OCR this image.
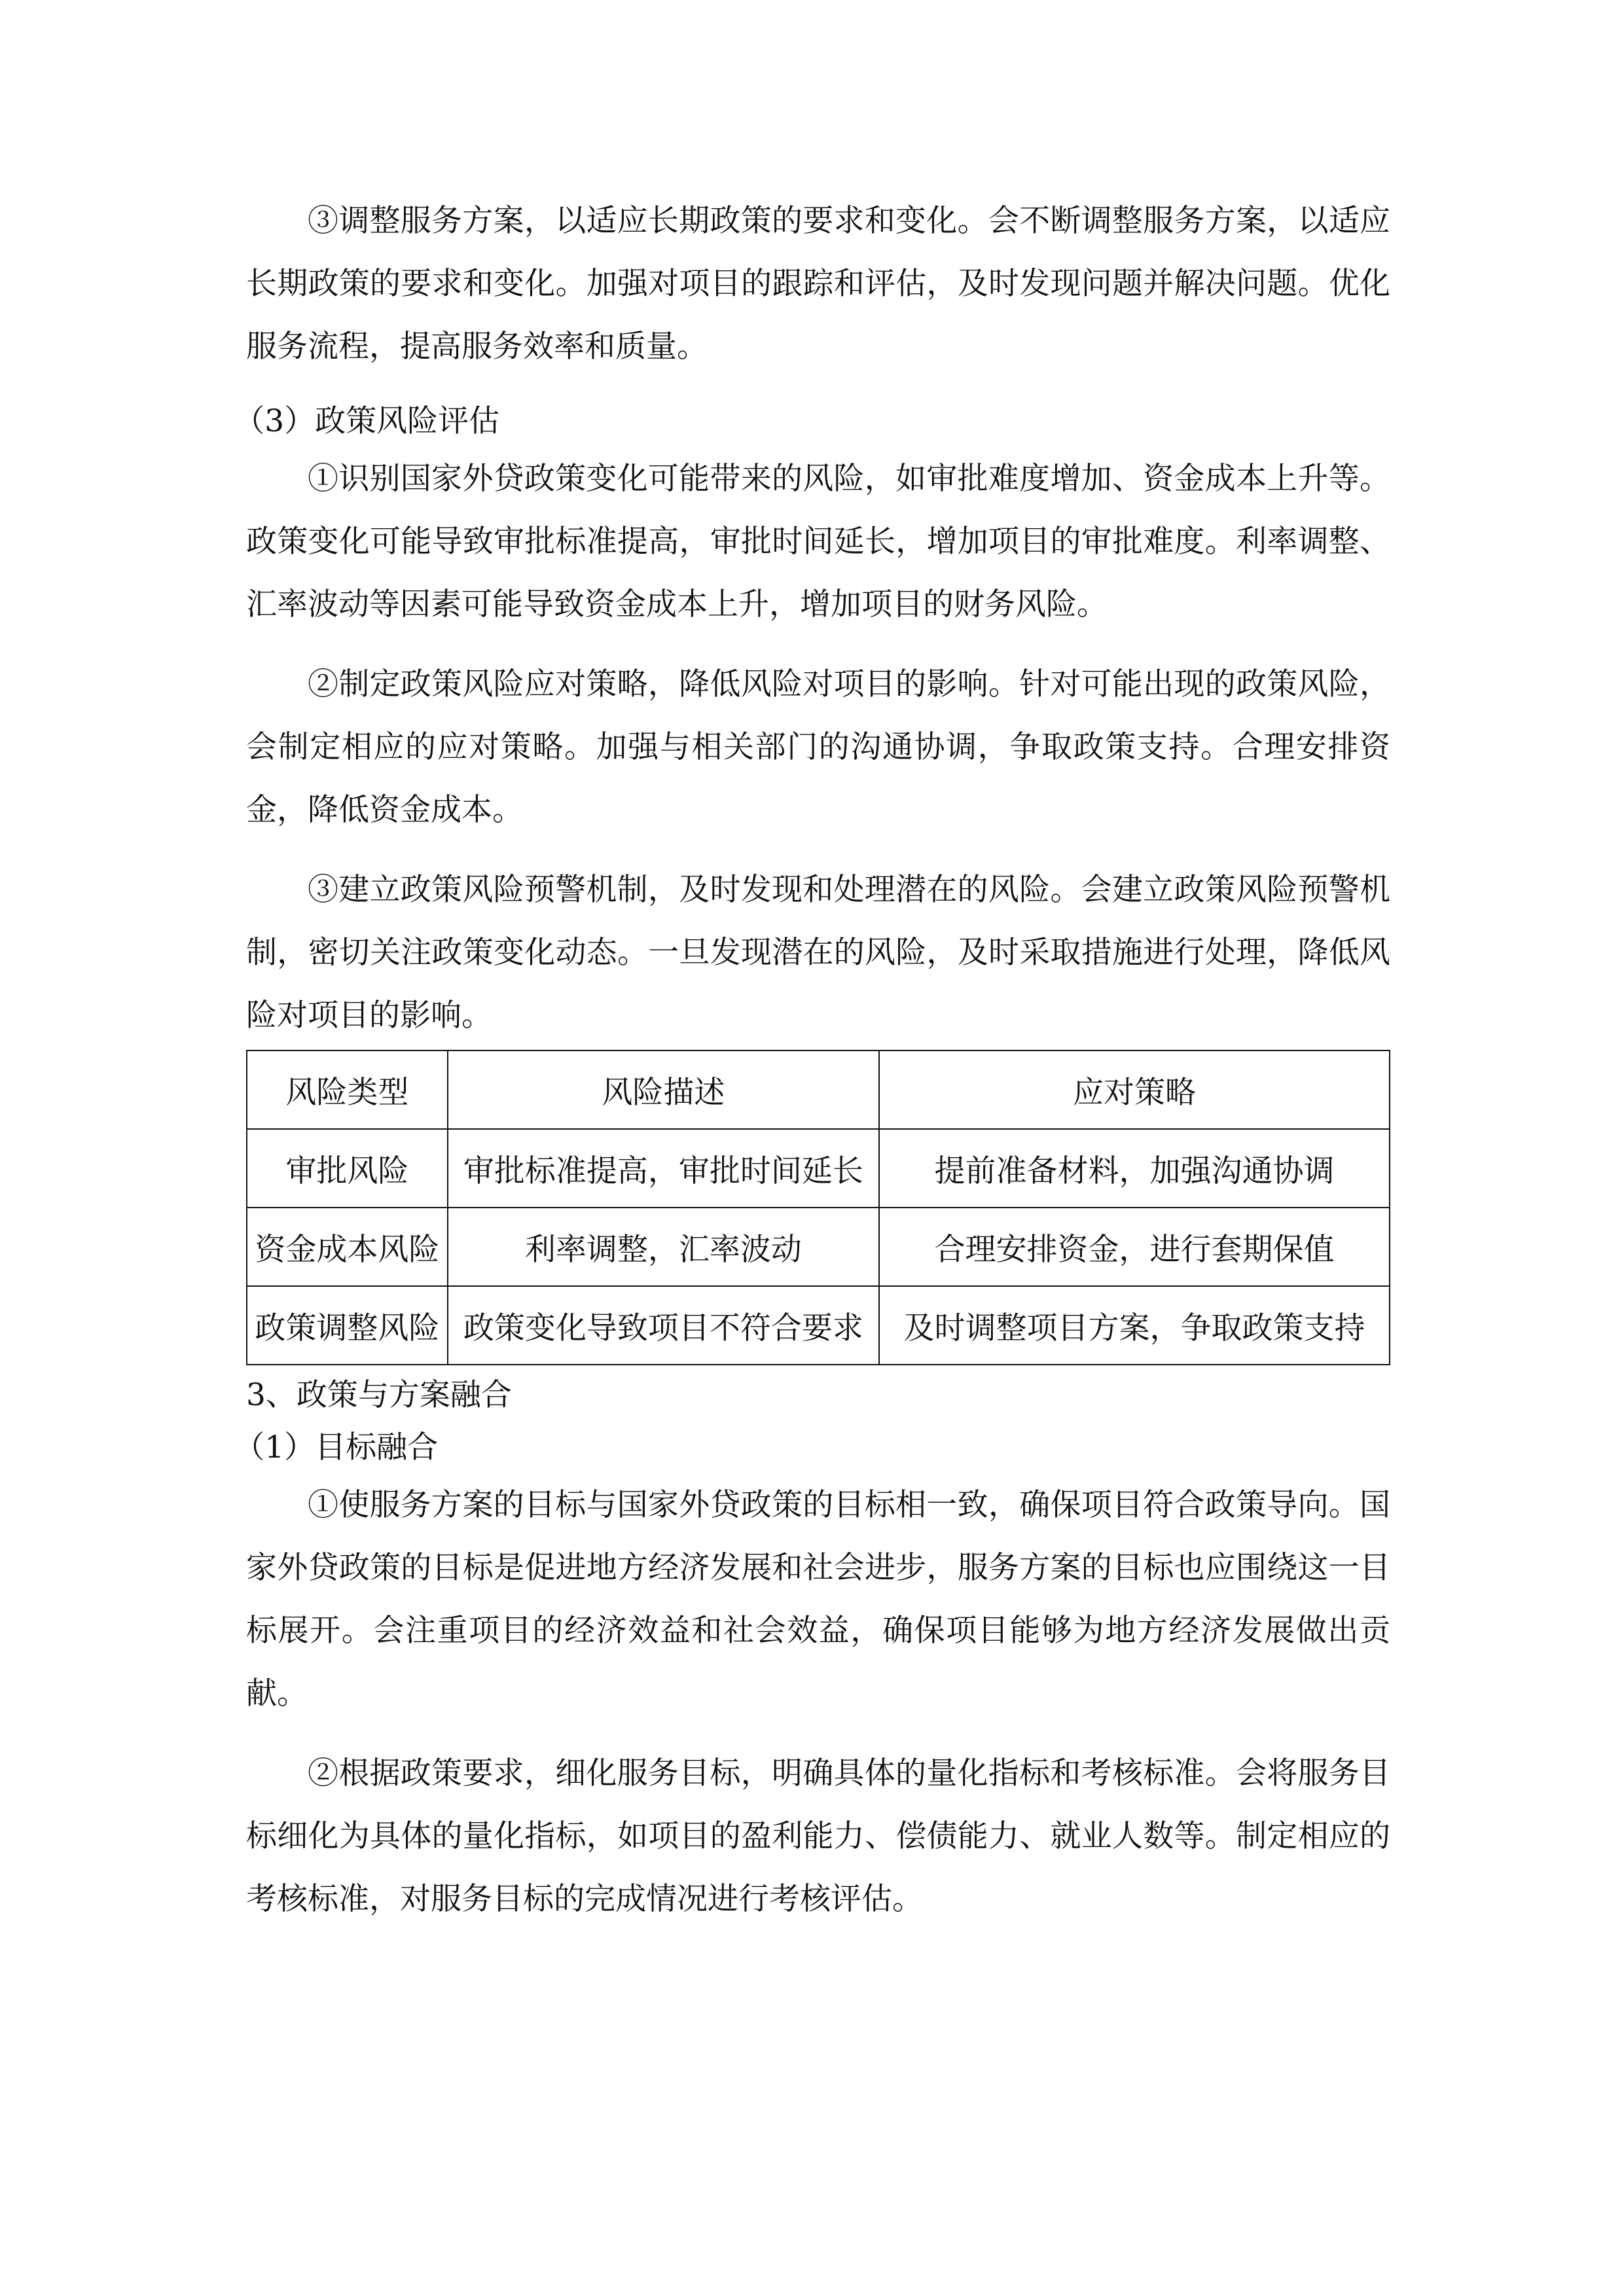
③调整服务方案，以适应长期政策的要求和变化。会不断调整服务方案，以适应长期政策的要求和变化。加强对项目的跟踪和评估，及时发现问题并解决问题。优化服务流程，提高服务效率和质量。

（3）政策风险评估

①识别国家外贷政策变化可能带来的风险，如审批难度增加、资金成本上升等。政策变化可能导致审批标准提高，审批时间延长，增加项目的审批难度。利率调整、汇率波动等因素可能导致资金成本上升，增加项目的财务风险。

②制定政策风险应对策略，降低风险对项目的影响。针对可能出现的政策风险，会制定相应的应对策略。加强与相关部门的沟通协调，争取政策支持。合理安排资金，降低资金成本。

③建立政策风险预警机制，及时发现和处理潜在的风险。会建立政策风险预警机制，密切关注政策变化动态。一旦发现潜在的风险，及时采取措施进行处理，降低风险对项目的影响。

风险类型	风险描述	应对策略
审批风险	审批标准提高，审批时间延长	提前准备材料，加强沟通协调
资金成本风险	利率调整，汇率波动	合理安排资金，进行套期保值
政策调整风险	政策变化导致项目不符合要求	及时调整项目方案，争取政策支持

3、政策与方案融合

（1）目标融合

①使服务方案的目标与国家外贷政策的目标相一致，确保项目符合政策导向。国家外贷政策的目标是促进地方经济发展和社会进步，服务方案的目标也应围绕这一目标展开。会注重项目的经济效益和社会效益，确保项目能够为地方经济发展做出贡献。

②根据政策要求，细化服务目标，明确具体的量化指标和考核标准。会将服务目标细化为具体的量化指标，如项目的盈利能力、偿债能力、就业人数等。制定相应的考核标准，对服务目标的完成情况进行考核评估。
